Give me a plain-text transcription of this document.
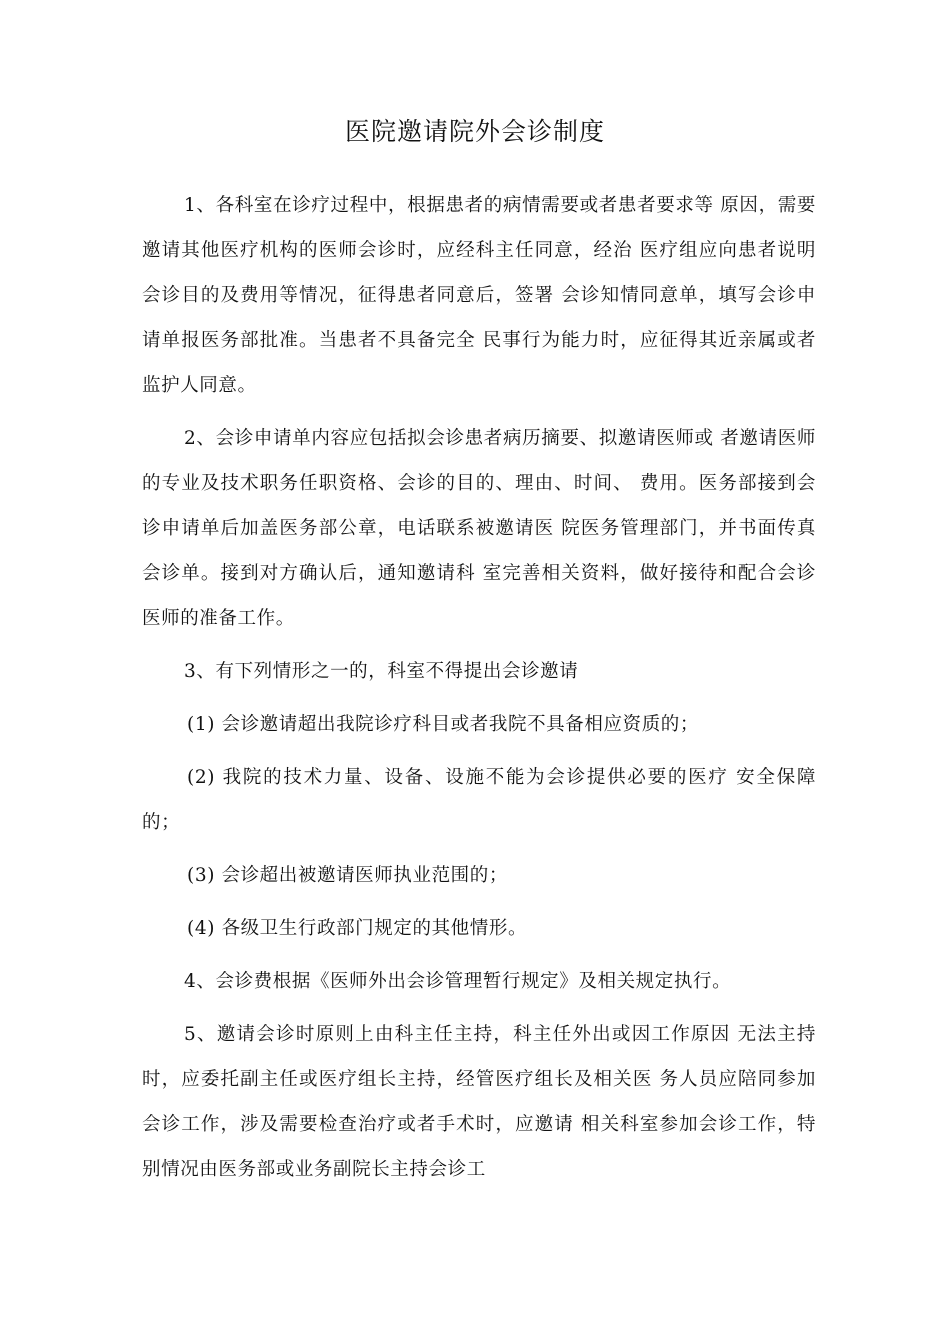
医院邀请院外会诊制度

1、各科室在诊疗过程中，根据患者的病情需要或者患者要求等 原因，需要邀请其他医疗机构的医师会诊时，应经科主任同意，经治 医疗组应向患者说明会诊目的及费用等情况，征得患者同意后，签署 会诊知情同意单，填写会诊申请单报医务部批准。当患者不具备完全 民事行为能力时，应征得其近亲属或者监护人同意。

2、会诊申请单内容应包括拟会诊患者病历摘要、拟邀请医师或 者邀请医师的专业及技术职务任职资格、会诊的目的、理由、时间、 费用。医务部接到会诊申请单后加盖医务部公章，电话联系被邀请医 院医务管理部门，并书面传真会诊单。接到对方确认后，通知邀请科 室完善相关资料，做好接待和配合会诊医师的准备工作。

3、有下列情形之一的，科室不得提出会诊邀请

(1) 会诊邀请超出我院诊疗科目或者我院不具备相应资质的；

(2) 我院的技术力量、设备、设施不能为会诊提供必要的医疗 安全保障的；

(3) 会诊超出被邀请医师执业范围的；

(4) 各级卫生行政部门规定的其他情形。

4、会诊费根据《医师外出会诊管理暂行规定》及相关规定执行。

5、邀请会诊时原则上由科主任主持，科主任外出或因工作原因 无法主持时，应委托副主任或医疗组长主持，经管医疗组长及相关医 务人员应陪同参加会诊工作，涉及需要检查治疗或者手术时，应邀请 相关科室参加会诊工作，特别情况由医务部或业务副院长主持会诊工
